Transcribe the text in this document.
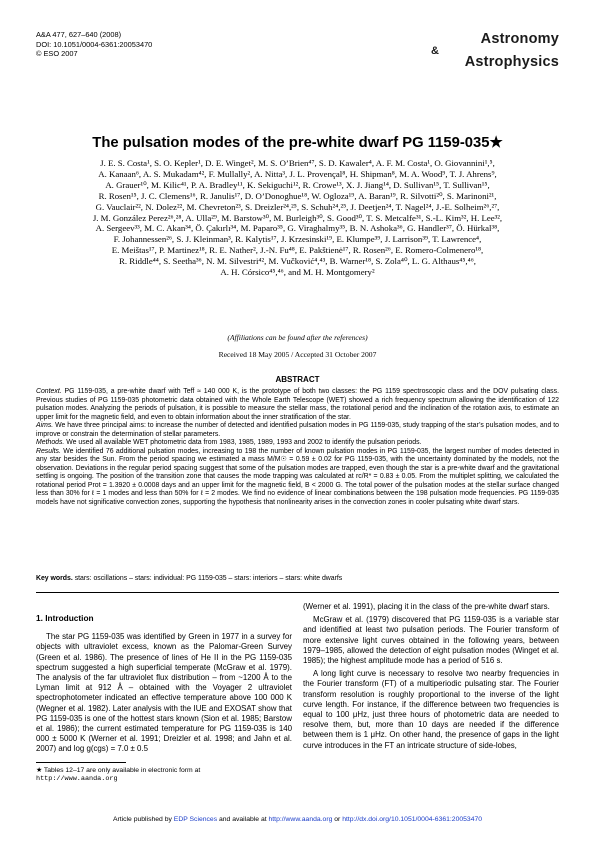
A&A 477, 627–640 (2008)
DOI: 10.1051/0004-6361:20053470
© ESO 2007
Astronomy
&
Astrophysics
The pulsation modes of the pre-white dwarf PG 1159-035★
J. E. S. Costa¹, S. O. Kepler¹, D. E. Winget², M. S. O’Brien⁴⁷, S. D. Kawaler⁴, A. F. M. Costa¹, O. Giovannini¹,⁵,
A. Kanaan⁶, A. S. Mukadam⁴², F. Mullally², A. Nitta³, J. L. Provençal⁸, H. Shipman⁸, M. A. Wood⁹, T. J. Ahrens⁹,
A. Grauer¹⁰, M. Kilic⁴¹, P. A. Bradley¹¹, K. Sekiguchi¹², R. Crowe¹³, X. J. Jiang¹⁴, D. Sullivan¹⁵, T. Sullivan¹⁵,
R. Rosen¹⁵, J. C. Clemens¹⁶, R. Janulis¹⁷, D. O’Donoghue¹⁸, W. Ogloza¹⁹, A. Baran¹⁹, R. Silvotti²⁰, S. Marinoni²¹,
G. Vauclair²², N. Dolez²², M. Chevreton²³, S. Dreizler²⁴,²⁵, S. Schuh²⁴,²⁵, J. Deetjen²⁴, T. Nagel²⁴, J.-E. Solheim²⁶,²⁷,
J. M. González Perez²⁶,²⁸, A. Ulla²⁹, M. Barstow³⁰, M. Burleigh³⁰, S. Good³⁰, T. S. Metcalfe³¹, S.-L. Kim³², H. Lee³²,
A. Sergeev³³, M. C. Akan³⁴, Ö. Çakırlı³⁴, M. Paparo³⁵, G. Viraghalmy³⁵, B. N. Ashoka³⁶, G. Handler³⁷, Ö. Hürkal³⁸,
F. Johannessen²⁶, S. J. Kleinman³, R. Kalytis¹⁷, J. Krzesinski¹⁹, E. Klumpe³⁹, J. Larrison³⁹, T. Lawrence⁴,
E. Meištas¹⁷, P. Martinez¹⁸, R. E. Nather², J.-N. Fu⁴⁸, E. Pakštienė¹⁷, R. Rosen²⁶, E. Romero-Colmenero¹⁸,
R. Riddle⁴⁴, S. Seetha³⁶, N. M. Silvestri⁴², M. Vučković⁴,⁴³, B. Warner¹⁸, S. Zola⁴⁰, L. G. Althaus⁴⁵,⁴⁶,
A. H. Córsico⁴⁵,⁴⁶, and M. H. Montgomery²
(Affiliations can be found after the references)
Received 18 May 2005 / Accepted 31 October 2007
ABSTRACT

Context. PG 1159-035, a pre-white dwarf with Teff ≈ 140 000 K, is the prototype of both two classes: the PG 1159 spectroscopic class and the DOV pulsating class. Previous studies of PG 1159-035 photometric data obtained with the Whole Earth Telescope (WET) showed a rich frequency spectrum allowing the identification of 122 pulsation modes. Analyzing the periods of pulsation, it is possible to measure the stellar mass, the rotational period and the inclination of the rotation axis, to estimate an upper limit for the magnetic field, and even to obtain information about the inner stratification of the star.

Aims. We have three principal aims: to increase the number of detected and identified pulsation modes in PG 1159-035, study trapping of the star’s pulsation modes, and to improve or constrain the determination of stellar parameters.

Methods. We used all available WET photometric data from 1983, 1985, 1989, 1993 and 2002 to identify the pulsation periods.

Results. We identified 76 additional pulsation modes, increasing to 198 the number of known pulsation modes in PG 1159-035, the largest number of modes detected in any star besides the Sun. From the period spacing we estimated a mass M/M☉ = 0.59 ± 0.02 for PG 1159-035, with the uncertainty dominated by the models, not the observation. Deviations in the regular period spacing suggest that some of the pulsation modes are trapped, even though the star is a pre-white dwarf and the gravitational settling is ongoing. The position of the transition zone that causes the mode trapping was calculated at rc/R* = 0.83 ± 0.05. From the multiplet splitting, we calculated the rotational period Prot = 1.3920 ± 0.0008 days and an upper limit for the magnetic field, B < 2000 G. The total power of the pulsation modes at the stellar surface changed less than 30% for ℓ = 1 modes and less than 50% for ℓ = 2 modes. We find no evidence of linear combinations between the 198 pulsation mode frequencies. PG 1159-035 models have not significative convection zones, supporting the hypothesis that nonlinearity arises in the convection zones in cooler pulsating white dwarf stars.

Key words. stars: oscillations – stars: individual: PG 1159-035 – stars: interiors – stars: white dwarfs
1. Introduction

The star PG 1159-035 was identified by Green in 1977 in a survey for objects with ultraviolet excess, known as the Palomar-Green Survey (Green et al. 1986). The presence of lines of He II in the PG 1159-035 spectrum suggested a high superficial temperate (McGraw et al. 1979). The analysis of the far ultraviolet flux distribution – from ~1200 Å to the Lyman limit at 912 Å – obtained with the Voyager 2 ultraviolet spectrophotometer indicated an effective temperature above 100 000 K (Wegner et al. 1982). Later analysis with the IUE and EXOSAT show that PG 1159-035 is one of the hottest stars known (Sion et al. 1985; Barstow et al. 1986); the current estimated temperature for PG 1159-035 is 140 000 ± 5000 K (Werner et al. 1991; Dreizler et al. 1998; and Jahn et al. 2007) and log g(cgs) = 7.0 ± 0.5

(Werner et al. 1991), placing it in the class of the pre-white dwarf stars.

McGraw et al. (1979) discovered that PG 1159-035 is a variable star and identified at least two pulsation periods. The Fourier transform of more extensive light curves obtained in the following years, between 1979–1985, allowed the detection of eight pulsation modes (Winget et al. 1985); the highest amplitude mode has a period of 516 s.

A long light curve is necessary to resolve two nearby frequencies in the Fourier transform (FT) of a multiperiodic pulsating star. The Fourier transform resolution is roughly proportional to the inverse of the light curve length. For instance, if the difference between two frequencies is equal to 100 μHz, just three hours of photometric data are needed to resolve them, but, more than 10 days are needed if the difference between them is 1 μHz. On other hand, the presence of gaps in the light curve introduces in the FT an intricate structure of side-lobes,

★ Tables 12–17 are only available in electronic form at
http://www.aanda.org
Article published by EDP Sciences and available at http://www.aanda.org or http://dx.doi.org/10.1051/0004-6361:20053470
